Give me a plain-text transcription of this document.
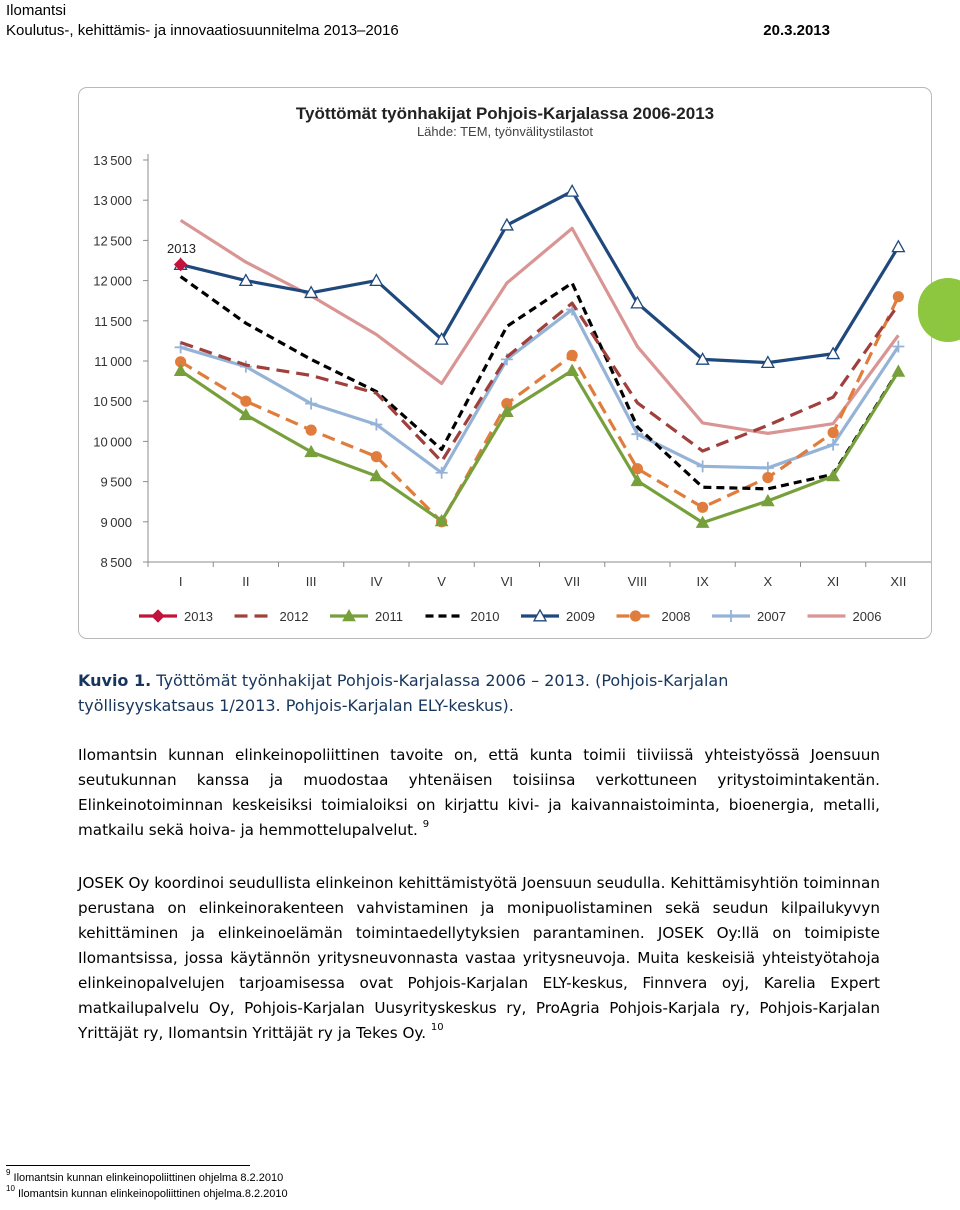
Ilomantsi
Koulutus-, kehittämis- ja innovaatiosuunnitelma 2013–2016	20.3.2013
Työttömät työnhakijat Pohjois-Karjalassa 2006-2013
Lähde: TEM, työnvälitystilastot
13 500
13 000
12 500
12 000
11 500
11 000
10 500
10 000
9 500
9 000
8 500
I	II	III	IV	V	VI	VII	VIII	IX	X	XI	XII
2013
2013	2012	2011	2010	2009	2008	2007	2006
Kuvio 1. Työttömät työnhakijat Pohjois-Karjalassa 2006 – 2013. (Pohjois-Karjalan työllisyyskatsaus 1/2013. Pohjois-Karjalan ELY-keskus).

Ilomantsin kunnan elinkeinopoliittinen tavoite on, että kunta toimii tiiviissä yhteistyössä Joensuun seutukunnan kanssa ja muodostaa yhtenäisen toisiinsa verkottuneen yritystoimintakentän. Elinkeinotoiminnan keskeisiksi toimialoiksi on kirjattu kivi- ja kaivannaistoiminta, bioenergia, metalli, matkailu sekä hoiva- ja hemmottelupalvelut. $^9$

JOSEK Oy koordinoi seudullista elinkeinon kehittämistyötä Joensuun seudulla. Kehittämisyhtiön toiminnan perustana on elinkeinorakenteen vahvistaminen ja monipuolistaminen sekä seudun kilpailukyvyn kehittäminen ja elinkeinoelämän toimintaedellytyksien parantaminen. JOSEK Oy:llä on toimipiste Ilomantsissa, jossa käytännön yritysneuvonnasta vastaa yritysneuvoja. Muita keskeisiä yhteistyötahoja elinkeinopalvelujen tarjoamisessa ovat Pohjois-Karjalan ELY-keskus, Finnvera oyj, Karelia Expert matkailupalvelu Oy, Pohjois-Karjalan Uusyrityskeskus ry, ProAgria Pohjois-Karjala ry, Pohjois-Karjalan Yrittäjät ry, Ilomantsin Yrittäjät ry ja Tekes Oy. $^{10}$

$^9$ Ilomantsin kunnan elinkeinopoliittinen ohjelma 8.2.2010
$^{10}$ Ilomantsin kunnan elinkeinopoliittinen ohjelma.8.2.2010
